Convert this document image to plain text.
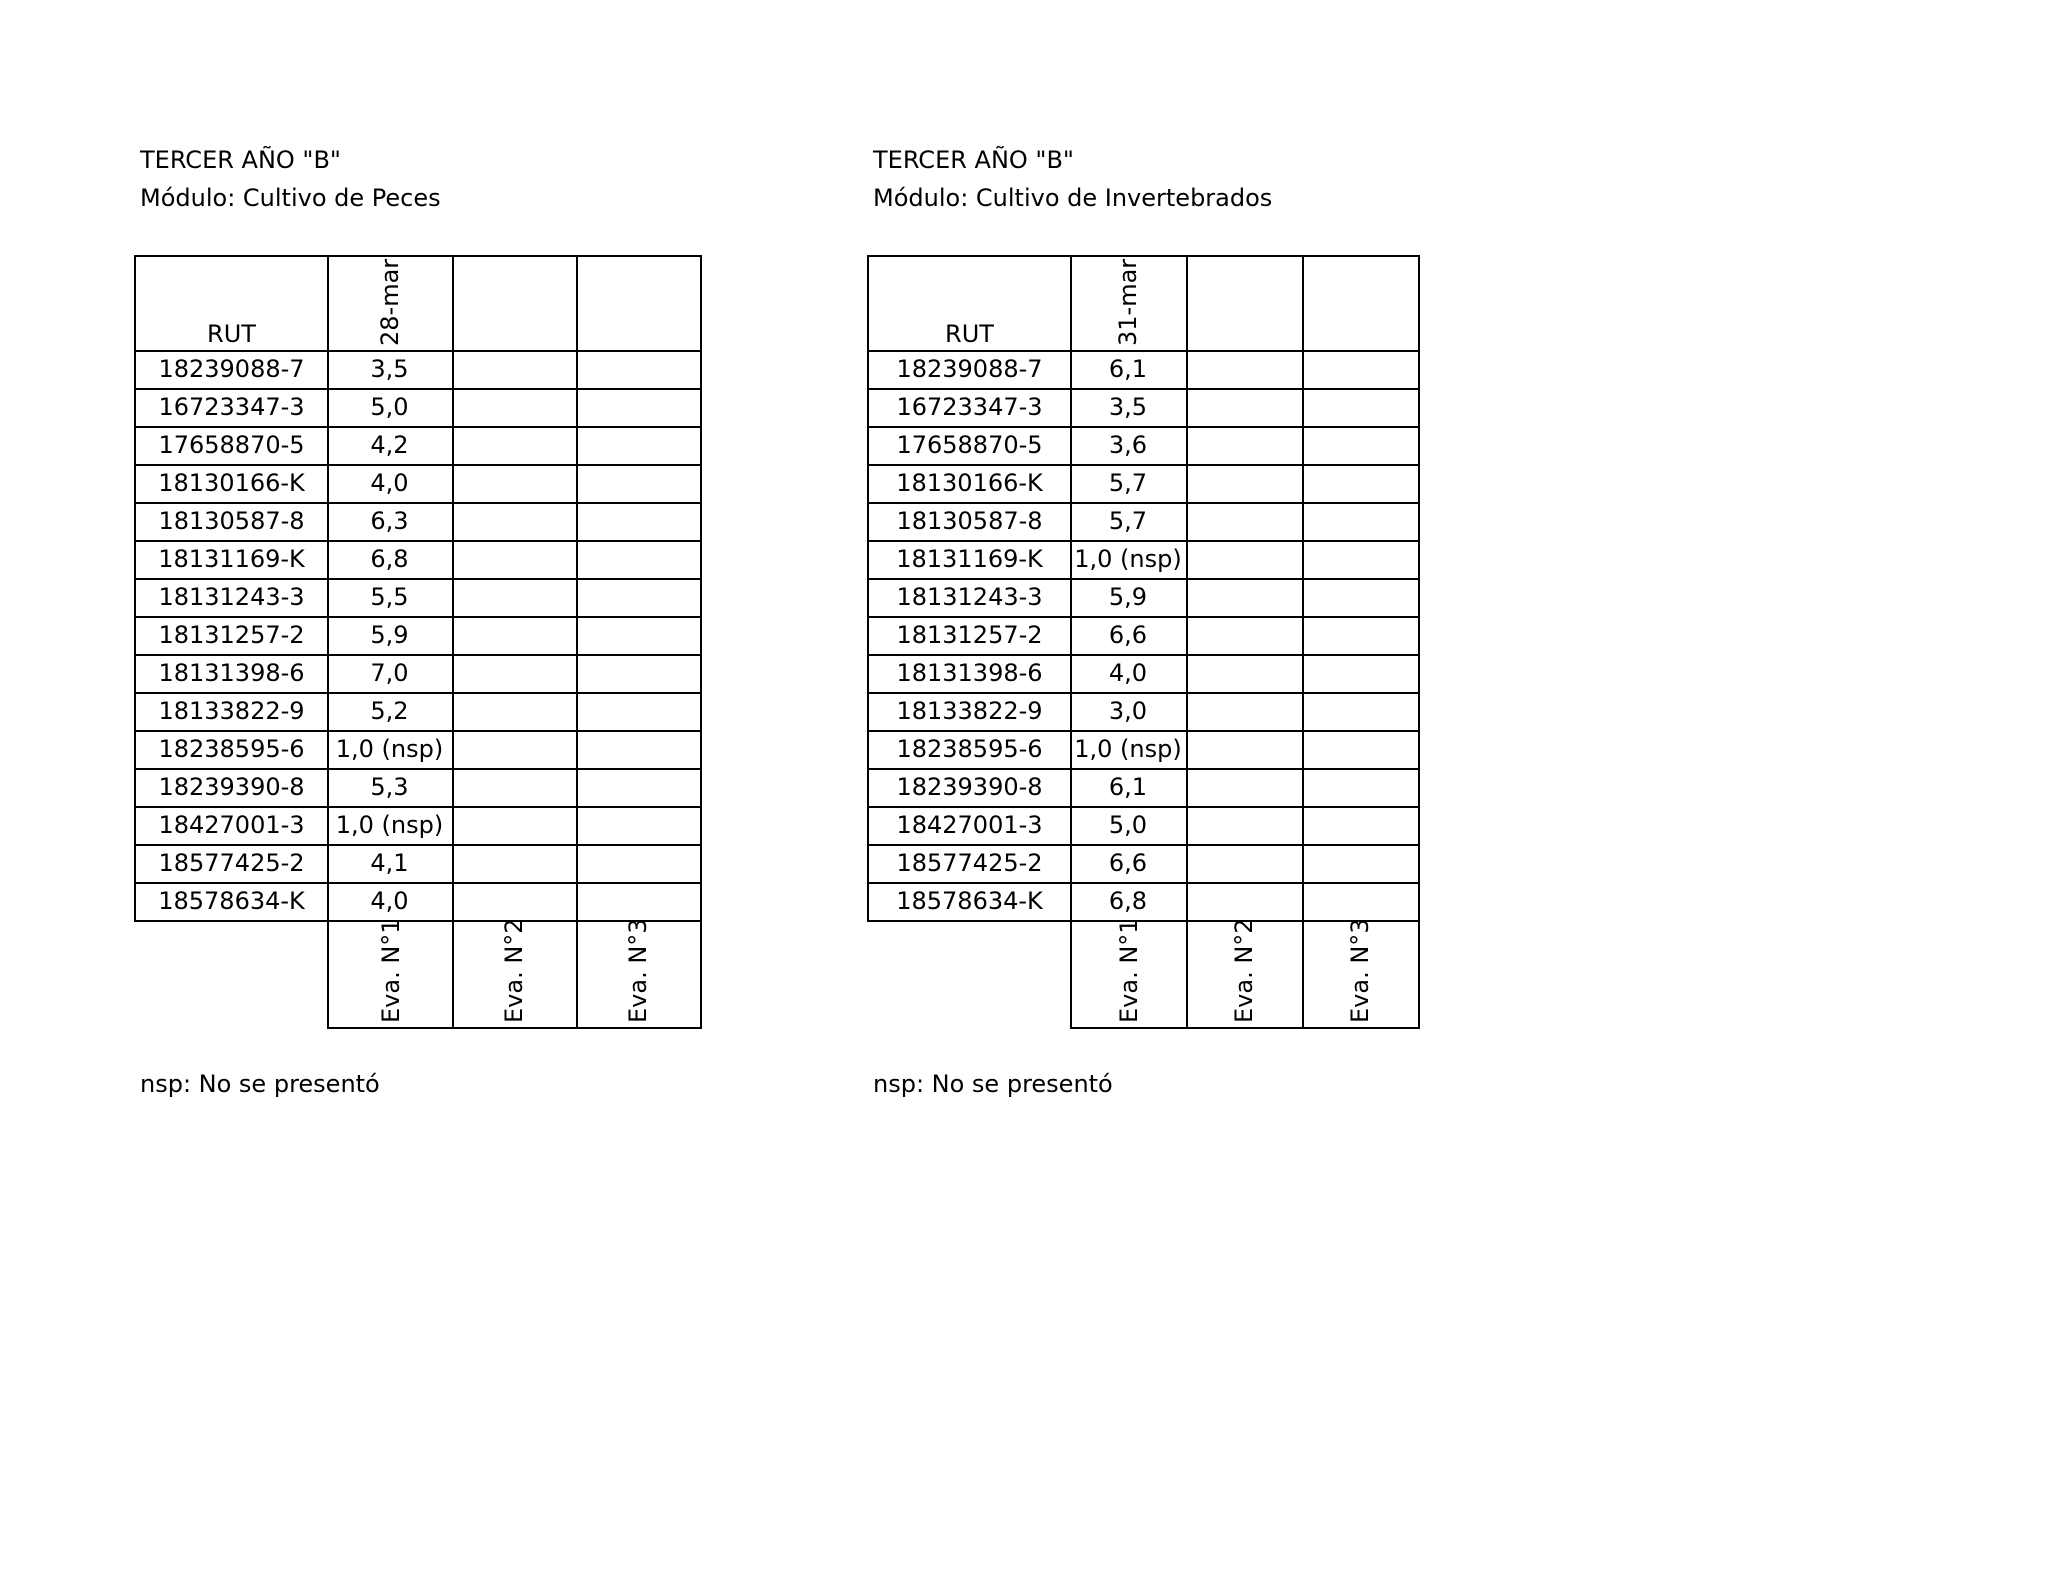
TERCER AÑO "B"
Módulo: Cultivo de Peces
RUT	28-mar
18239088-7	3,5
16723347-3	5,0
17658870-5	4,2
18130166-K	4,0
18130587-8	6,3
18131169-K	6,8
18131243-3	5,5
18131257-2	5,9
18131398-6	7,0
18133822-9	5,2
18238595-6	1,0 (nsp)
18239390-8	5,3
18427001-3	1,0 (nsp)
18577425-2	4,1
18578634-K	4,0
Eva. N°1	Eva. N°2	Eva. N°3
nsp: No se presentó
TERCER AÑO "B"
Módulo: Cultivo de Invertebrados
RUT	31-mar
18239088-7	6,1
16723347-3	3,5
17658870-5	3,6
18130166-K	5,7
18130587-8	5,7
18131169-K	1,0 (nsp)
18131243-3	5,9
18131257-2	6,6
18131398-6	4,0
18133822-9	3,0
18238595-6	1,0 (nsp)
18239390-8	6,1
18427001-3	5,0
18577425-2	6,6
18578634-K	6,8
Eva. N°1	Eva. N°2	Eva. N°3
nsp: No se presentó
